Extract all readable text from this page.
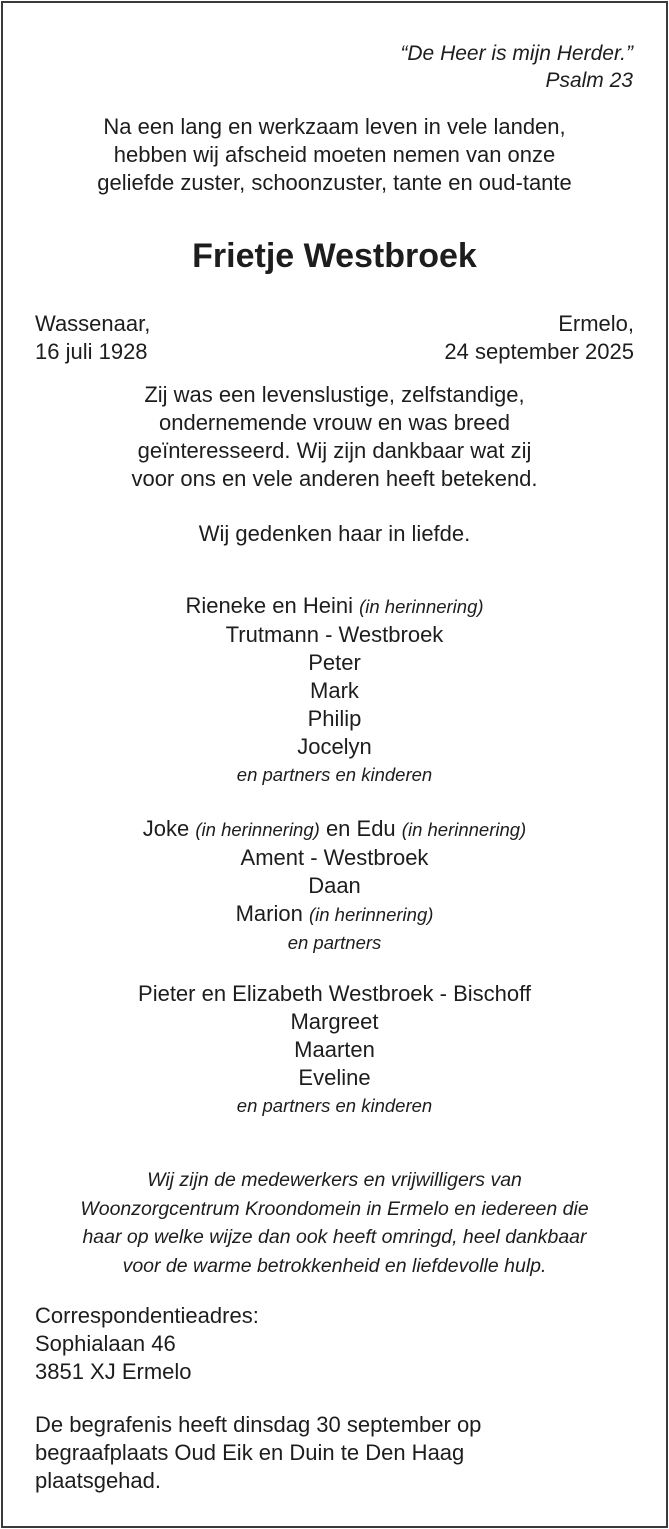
“De Heer is mijn Herder.”
Psalm 23
Na een lang en werkzaam leven in vele landen,
hebben wij afscheid moeten nemen van onze
geliefde zuster, schoonzuster, tante en oud-tante
Frietje Westbroek
Wassenaar,
16 juli 1928
Ermelo,
24 september 2025
Zij was een levenslustige, zelfstandige,
ondernemende vrouw en was breed
geïnteresseerd. Wij zijn dankbaar wat zij
voor ons en vele anderen heeft betekend.
Wij gedenken haar in liefde.
Rieneke en Heini (in herinnering)
Trutmann - Westbroek
Peter
Mark
Philip
Jocelyn
en partners en kinderen
Joke (in herinnering) en Edu (in herinnering)
Ament - Westbroek
Daan
Marion (in herinnering)
en partners
Pieter en Elizabeth Westbroek - Bischoff
Margreet
Maarten
Eveline
en partners en kinderen
Wij zijn de medewerkers en vrijwilligers van
Woonzorgcentrum Kroondomein in Ermelo en iedereen die
haar op welke wijze dan ook heeft omringd, heel dankbaar
voor de warme betrokkenheid en liefdevolle hulp.
Correspondentieadres:
Sophialaan 46
3851 XJ Ermelo
De begrafenis heeft dinsdag 30 september op
begraafplaats Oud Eik en Duin te Den Haag
plaatsgehad.
